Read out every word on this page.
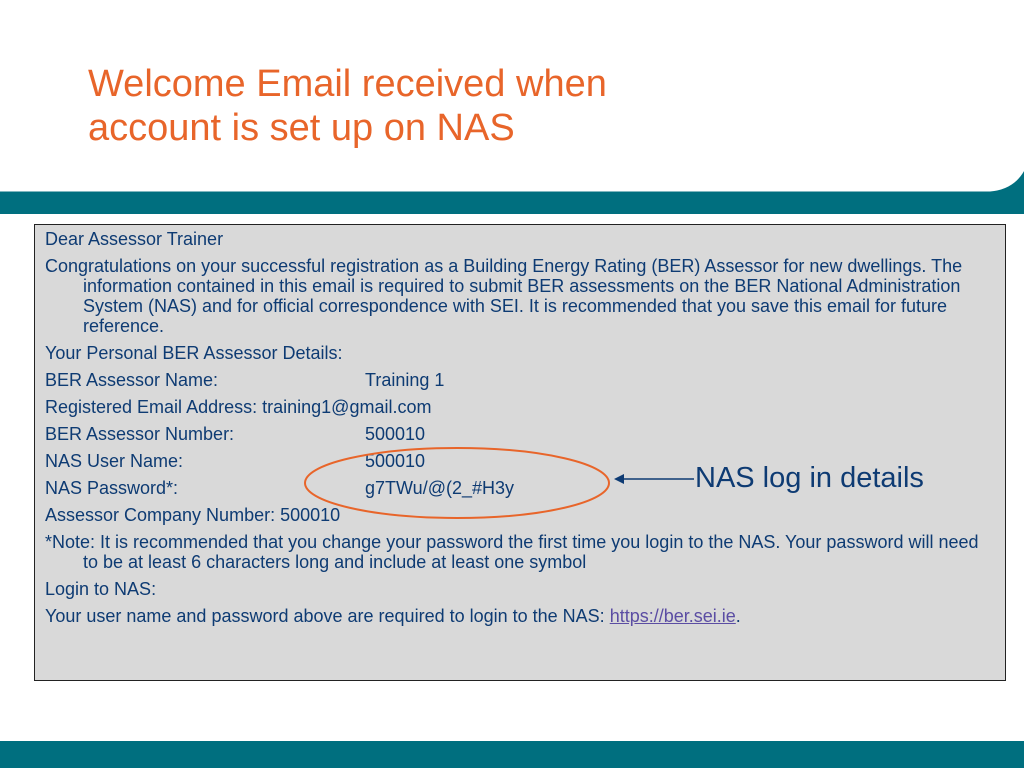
Welcome Email received when
account is set up on NAS

Dear Assessor Trainer

Congratulations on your successful registration as a Building Energy Rating (BER) Assessor for new dwellings. The information contained in this email is required to submit BER assessments on the BER National Administration System (NAS) and for official correspondence with SEI. It is recommended that you save this email for future reference.

Your Personal BER Assessor Details:

BER Assessor Name:	Training 1

Registered Email Address: training1@gmail.com

BER Assessor Number:	500010

NAS User Name:	500010

NAS Password*:	g7TWu/@(2_#H3y

Assessor Company Number: 500010

*Note: It is recommended that you change your password the first time you login to the NAS. Your password will need to be at least 6 characters long and include at least one symbol

Login to NAS:

Your user name and password above are required to login to the NAS: https://ber.sei.ie.

NAS log in details
